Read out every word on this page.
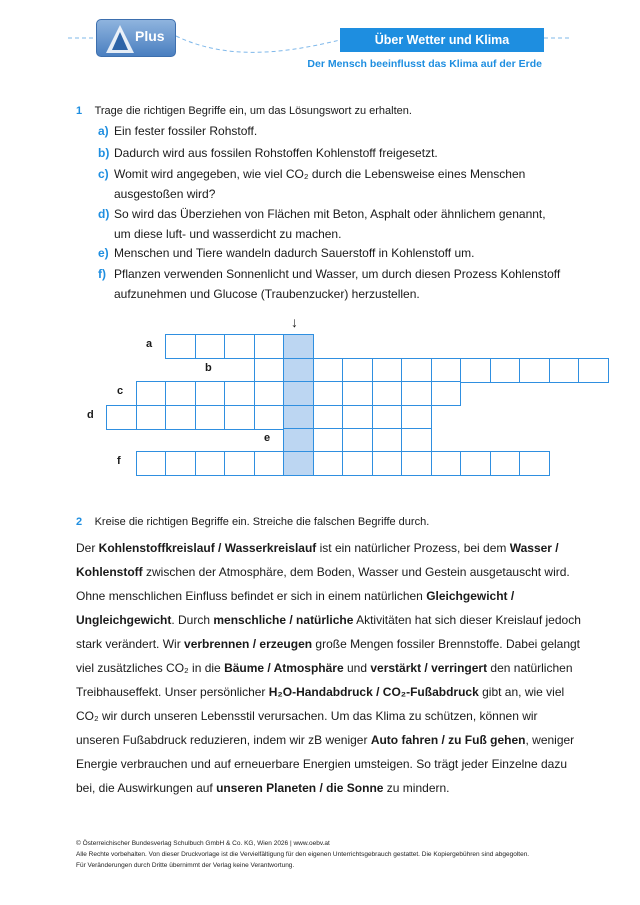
Plus	Über Wetter und Klima
Der Mensch beeinflusst das Klima auf der Erde
1 Trage die richtigen Begriffe ein, um das Lösungswort zu erhalten.
a) Ein fester fossiler Rohstoff.
b) Dadurch wird aus fossilen Rohstoffen Kohlenstoff freigesetzt.
c) Womit wird angegeben, wie viel CO₂ durch die Lebensweise eines Menschen ausgestoßen wird?
d) So wird das Überziehen von Flächen mit Beton, Asphalt oder ähnlichem genannt, um diese luft- und wasserdicht zu machen.
e) Menschen und Tiere wandeln dadurch Sauerstoff in Kohlenstoff um.
f) Pflanzen verwenden Sonnenlicht und Wasser, um durch diesen Prozess Kohlenstoff aufzunehmen und Glucose (Traubenzucker) herzustellen.
↓
a
b
c
d
e
f
2 Kreise die richtigen Begriffe ein. Streiche die falschen Begriffe durch.
Der Kohlenstoffkreislauf / Wasserkreislauf ist ein natürlicher Prozess, bei dem Wasser / Kohlenstoff zwischen der Atmosphäre, dem Boden, Wasser und Gestein ausgetauscht wird. Ohne menschlichen Einfluss befindet er sich in einem natürlichen Gleichgewicht / Ungleichgewicht. Durch menschliche / natürliche Aktivitäten hat sich dieser Kreislauf jedoch stark verändert. Wir verbrennen / erzeugen große Mengen fossiler Brennstoffe. Dabei gelangt viel zusätzliches CO₂ in die Bäume / Atmosphäre und verstärkt / verringert den natürlichen Treibhauseffekt. Unser persönlicher H₂O-Handabdruck / CO₂-Fußabdruck gibt an, wie viel CO₂ wir durch unseren Lebensstil verursachen. Um das Klima zu schützen, können wir unseren Fußabdruck reduzieren, indem wir zB weniger Auto fahren / zu Fuß gehen, weniger Energie verbrauchen und auf erneuerbare Energien umsteigen. So trägt jeder Einzelne dazu bei, die Auswirkungen auf unseren Planeten / die Sonne zu mindern.
© Österreichischer Bundesverlag Schulbuch GmbH & Co. KG, Wien 2026 | www.oebv.at
Alle Rechte vorbehalten. Von dieser Druckvorlage ist die Vervielfältigung für den eigenen Unterrichtsgebrauch gestattet. Die Kopiergebühren sind abgegolten.
Für Veränderungen durch Dritte übernimmt der Verlag keine Verantwortung.
